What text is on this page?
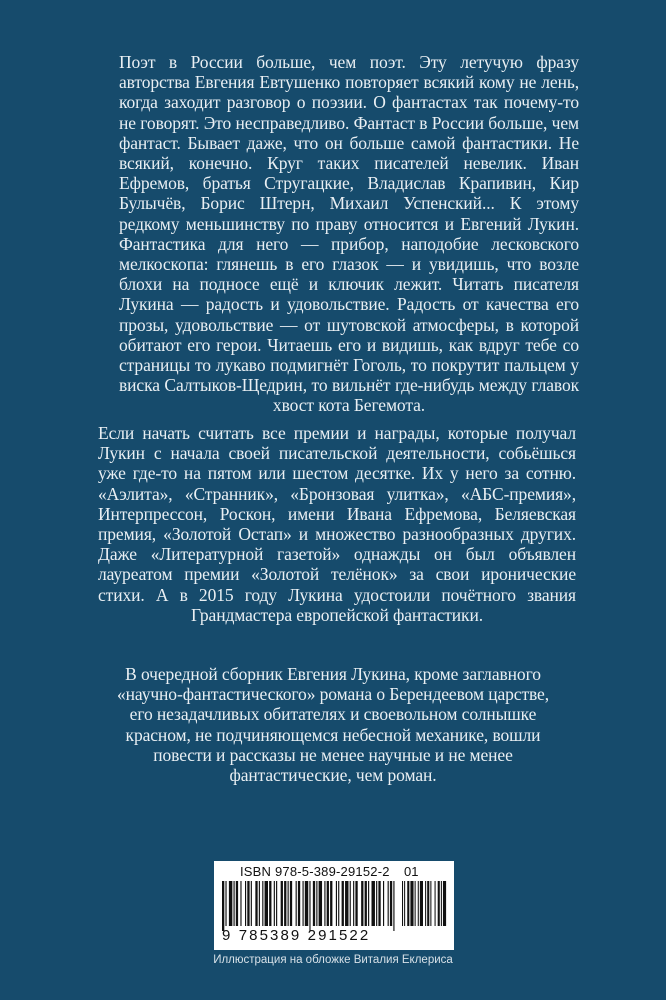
Поэт в России больше, чем поэт. Эту летучую фразу авторства Евгения Евтушенко повторяет всякий кому не лень, когда заходит разговор о поэзии. О фантастах так почему-то не говорят. Это несправедливо. Фантаст в России больше, чем фантаст. Бывает даже, что он больше самой фантастики. Не всякий, конечно. Круг таких писателей невелик. Иван Ефремов, братья Стругацкие, Владислав Крапивин, Кир Булычёв, Борис Штерн, Михаил Успенский... К этому редкому меньшинству по праву относится и Евгений Лукин. Фантастика для него — прибор, наподобие лесковского мелкоскопа: глянешь в его глазок — и увидишь, что возле блохи на подносе ещё и ключик лежит. Читать писателя Лукина — радость и удовольствие. Радость от качества его прозы, удовольствие — от шутовской атмосферы, в которой обитают его герои. Читаешь его и видишь, как вдруг тебе со страницы то лукаво подмигнёт Гоголь, то покрутит пальцем у виска Салтыков-Щедрин, то вильнёт где-нибудь между главок хвост кота Бегемота.

Если начать считать все премии и награды, которые получал Лукин с начала своей писательской деятельности, собьёшься уже где-то на пятом или шестом десятке. Их у него за сотню. «Аэлита», «Странник», «Бронзовая улитка», «АБС-премия», Интерпрессон, Роскон, имени Ивана Ефремова, Беляевская премия, «Золотой Остап» и множество разнообразных других. Даже «Литературной газетой» однажды он был объявлен лауреатом премии «Золотой телёнок» за свои иронические стихи. А в 2015 году Лукина удостоили почётного звания Грандмастера европейской фантастики.

В очередной сборник Евгения Лукина, кроме заглавного «научно-фантастического» романа о Берендеевом царстве, его незадачливых обитателях и своевольном солнышке красном, не подчиняющемся небесной механике, вошли повести и рассказы не менее научные и не менее фантастические, чем роман.

ISBN 978-5-389-29152-2 01
9 785389 291522
Иллюстрация на обложке Виталия Еклериса
